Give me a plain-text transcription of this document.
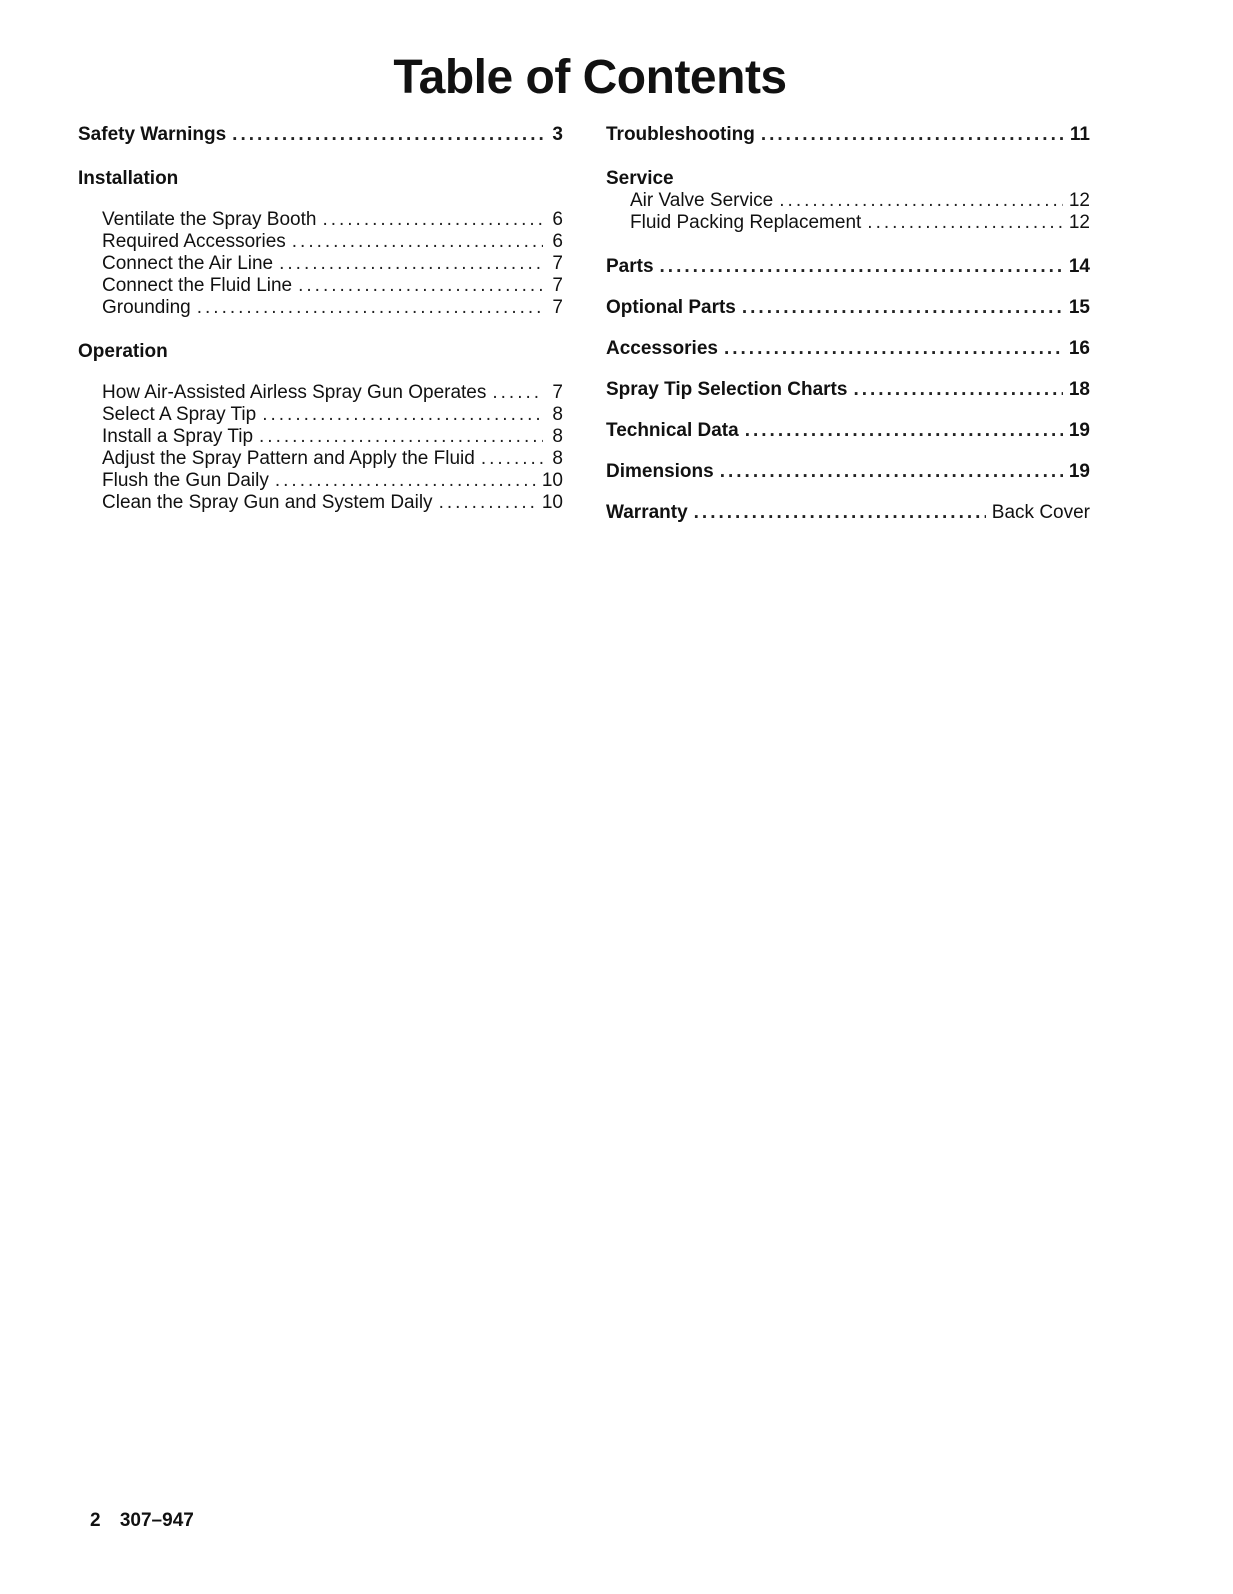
Table of Contents
Safety Warnings .....	3
Installation
Ventilate the Spray Booth .....	6
Required Accessories .....	6
Connect the Air Line .....	7
Connect the Fluid Line .....	7
Grounding .....	7
Operation
How Air-Assisted Airless Spray Gun Operates .....	7
Select A Spray Tip .....	8
Install a Spray Tip .....	8
Adjust the Spray Pattern and Apply the Fluid .....	8
Flush the Gun Daily .....	10
Clean the Spray Gun and System Daily .....	10
Troubleshooting .....	11
Service
Air Valve Service .....	12
Fluid Packing Replacement .....	12
Parts .....	14
Optional Parts .....	15
Accessories .....	16
Spray Tip Selection Charts .....	18
Technical Data .....	19
Dimensions .....	19
Warranty .....	Back Cover
2 307–947
